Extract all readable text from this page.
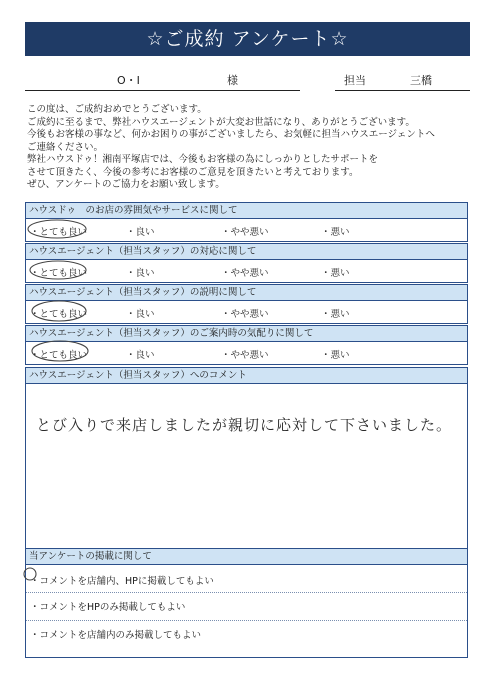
☆ご成約 アンケート☆
O・I	様	担当	三橋
この度は、ご成約おめでとうございます。
ご成約に至るまで、弊社ハウスエージェントが大変お世話になり、ありがとうございます。
今後もお客様の事など、何かお困りの事がございましたら、お気軽に担当ハウスエージェントへ
ご連絡ください。
弊社ハウスドゥ！湘南平塚店では、今後もお客様の為にしっかりとしたサポートを
させて頂きたく、今後の参考にお客様のご意見を頂きたいと考えております。
ぜひ、アンケートのご協力をお願い致します。
ハウスドゥ　のお店の雰囲気やサービスに関して
・とても良い	・良い	・やや悪い	・悪い
ハウスエージェント（担当スタッフ）の対応に関して
・とても良い	・良い	・やや悪い	・悪い
ハウスエージェント（担当スタッフ）の説明に関して
・とても良い	・良い	・やや悪い	・悪い
ハウスエージェント（担当スタッフ）のご案内時の気配りに関して
・とても良い	・良い	・やや悪い	・悪い
ハウスエージェント（担当スタッフ）へのコメント
とび入りで来店しましたが親切に応対して下さいました。
当アンケートの掲載に関して
・コメントを店舗内、HPに掲載してもよい
・コメントをHPのみ掲載してもよい
・コメントを店舗内のみ掲載してもよい
